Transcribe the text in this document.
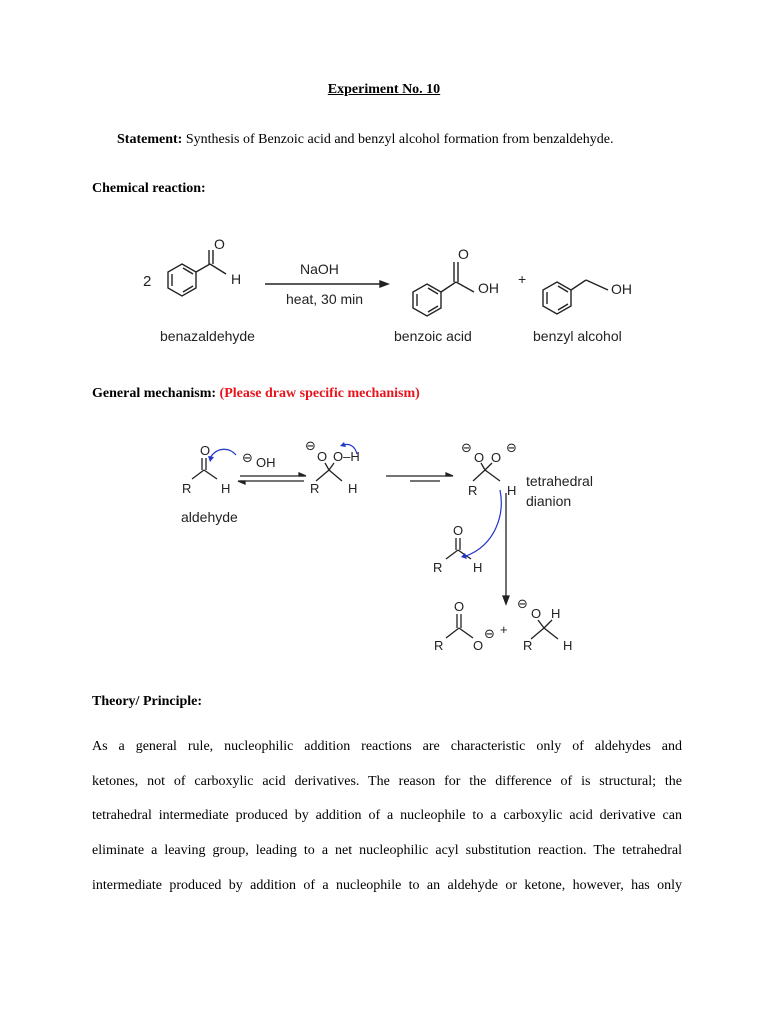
Experiment No. 10
Statement: Synthesis of Benzoic acid and benzyl alcohol formation from benzaldehyde.
Chemical reaction:
2
O
H
NaOH
heat, 30 min
O
OH
+
OH
benazaldehyde	benzoic acid	benzyl alcohol
General mechanism: (Please draw specific mechanism)
O
R H
⊖ OH
aldehyde
⊖
O O–H
R H
⊖
O O
⊖
R H
tetrahedral
dianion
O
R H
O
R O
⊖ +
⊖
O H
R H
Theory/ Principle:
As a general rule, nucleophilic addition reactions are characteristic only of aldehydes and
ketones, not of carboxylic acid derivatives. The reason for the difference of is structural; the
tetrahedral intermediate produced by addition of a nucleophile to a carboxylic acid derivative can
eliminate a leaving group, leading to a net nucleophilic acyl substitution reaction. The tetrahedral
intermediate produced by addition of a nucleophile to an aldehyde or ketone, however, has only
